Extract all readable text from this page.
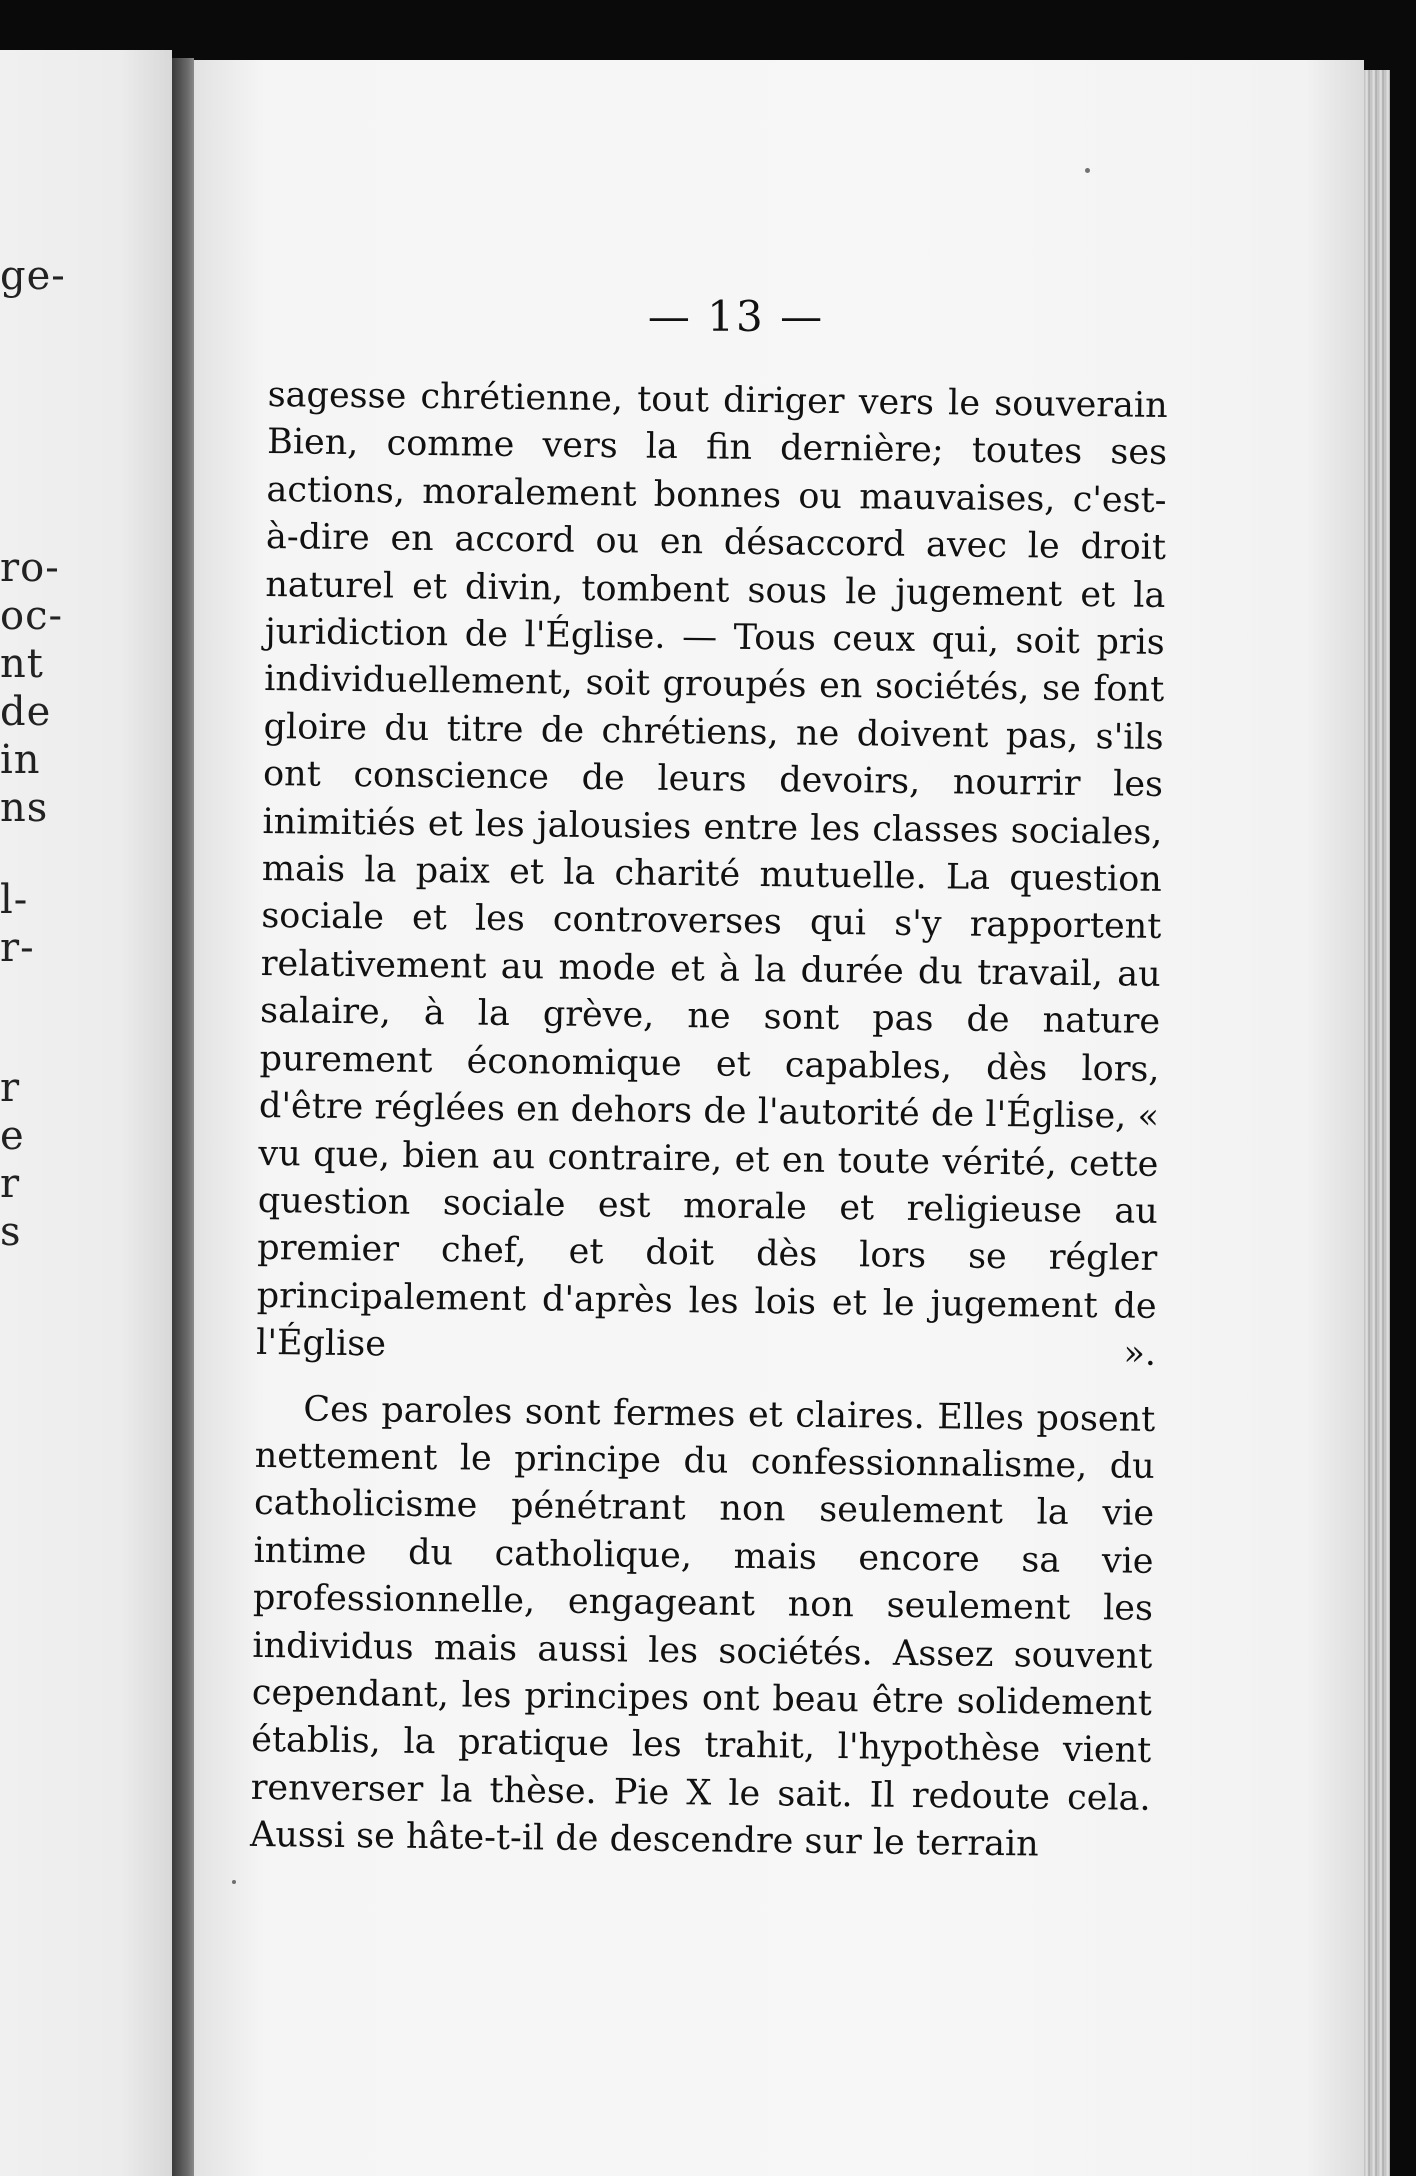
ge-
ro-
oc-
nt
de
in
ns
l-
r-
r
e
r
s
— 13 —

sagesse chrétienne, tout diriger vers le souverain Bien, comme vers la fin dernière; toutes ses actions, moralement bonnes ou mauvaises, c'est-à-dire en accord ou en désaccord avec le droit naturel et divin, tombent sous le jugement et la juridiction de l'Église. — Tous ceux qui, soit pris individuellement, soit groupés en sociétés, se font gloire du titre de chrétiens, ne doivent pas, s'ils ont conscience de leurs devoirs, nourrir les inimitiés et les jalousies entre les classes sociales, mais la paix et la charité mutuelle. La question sociale et les controverses qui s'y rapportent relativement au mode et à la durée du travail, au salaire, à la grève, ne sont pas de nature purement économique et capables, dès lors, d'être réglées en dehors de l'autorité de l'Église, « vu que, bien au contraire, et en toute vérité, cette question sociale est morale et religieuse au premier chef, et doit dès lors se régler principalement d'après les lois et le jugement de l'Église ».

Ces paroles sont fermes et claires. Elles posent nettement le principe du confessionnalisme, du catholicisme pénétrant non seulement la vie intime du catholique, mais encore sa vie professionnelle, engageant non seulement les individus mais aussi les sociétés. Assez souvent cependant, les principes ont beau être solidement établis, la pratique les trahit, l'hypothèse vient renverser la thèse. Pie X le sait. Il redoute cela. Aussi se hâte-t-il de descendre sur le terrain
